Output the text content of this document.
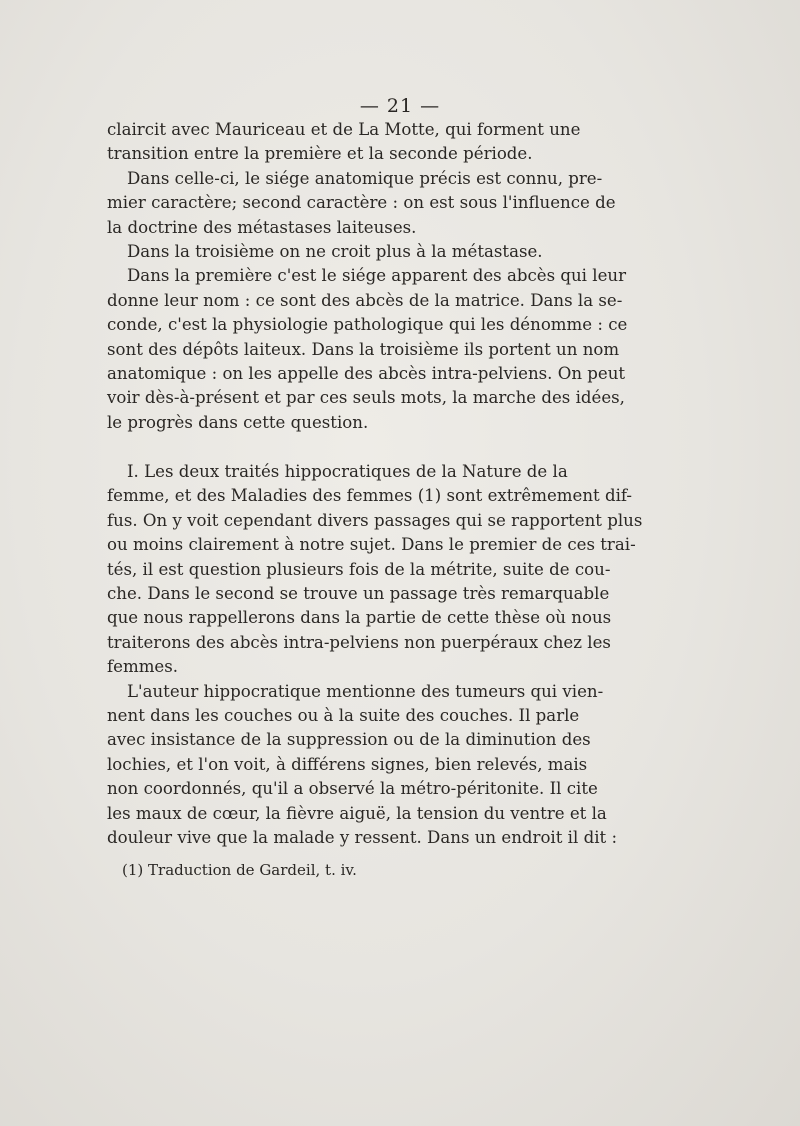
— 21 —
claircit avec Mauriceau et de La Motte, qui forment une
transition entre la première et la seconde période.
Dans celle-ci, le siége anatomique précis est connu, pre-
mier caractère; second caractère : on est sous l'influence de
la doctrine des métastases laiteuses.
Dans la troisième on ne croit plus à la métastase.
Dans la première c'est le siége apparent des abcès qui leur
donne leur nom : ce sont des abcès de la matrice. Dans la se-
conde, c'est la physiologie pathologique qui les dénomme : ce
sont des dépôts laiteux. Dans la troisième ils portent un nom
anatomique : on les appelle des abcès intra-pelviens. On peut
voir dès-à-présent et par ces seuls mots, la marche des idées,
le progrès dans cette question.
I. Les deux traités hippocratiques de la Nature de la
femme, et des Maladies des femmes (1) sont extrêmement dif-
fus. On y voit cependant divers passages qui se rapportent plus
ou moins clairement à notre sujet. Dans le premier de ces trai-
tés, il est question plusieurs fois de la métrite, suite de cou-
che. Dans le second se trouve un passage très remarquable
que nous rappellerons dans la partie de cette thèse où nous
traiterons des abcès intra-pelviens non puerpéraux chez les
femmes.
L'auteur hippocratique mentionne des tumeurs qui vien-
nent dans les couches ou à la suite des couches. Il parle
avec insistance de la suppression ou de la diminution des
lochies, et l'on voit, à différens signes, bien relevés, mais
non coordonnés, qu'il a observé la métro-péritonite. Il cite
les maux de cœur, la fièvre aiguë, la tension du ventre et la
douleur vive que la malade y ressent. Dans un endroit il dit :
(1) Traduction de Gardeil, t. iv.
